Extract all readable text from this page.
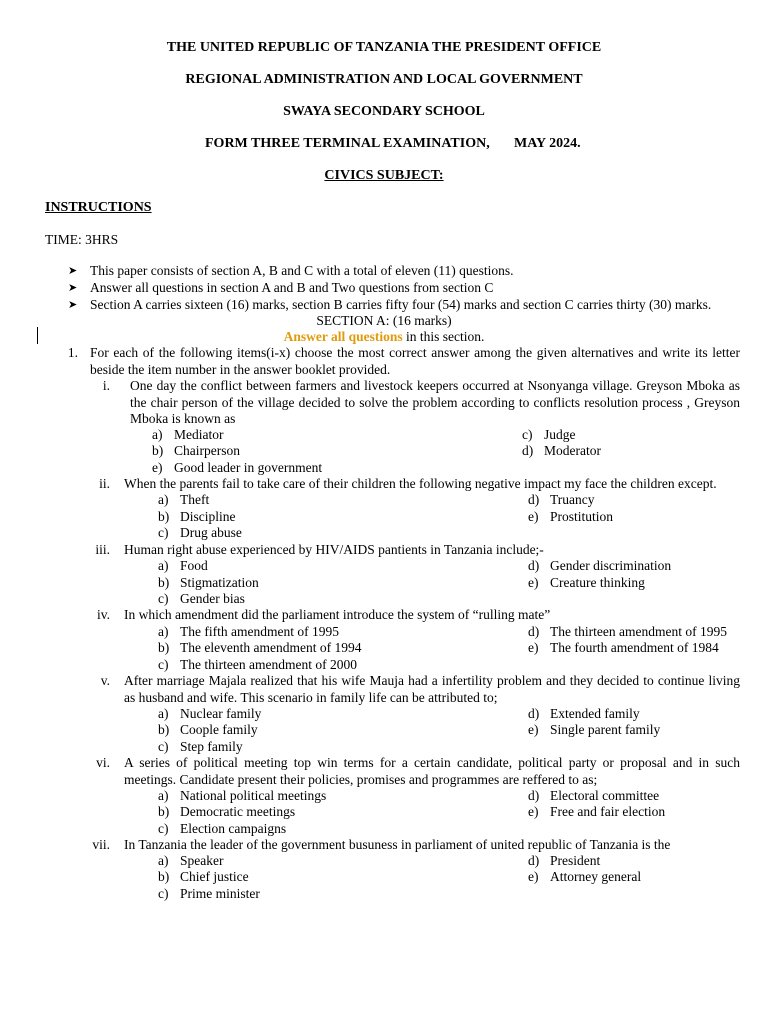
THE UNITED REPUBLIC OF TANZANIA THE PRESIDENT OFFICE
REGIONAL ADMINISTRATION AND LOCAL GOVERNMENT
SWAYA SECONDARY SCHOOL
FORM THREE TERMINAL EXAMINATION, MAY 2024.
CIVICS SUBJECT:
INSTRUCTIONS
TIME: 3HRS
➤ This paper consists of section A, B and C with a total of eleven (11) questions.
➤ Answer all questions in section A and B and Two questions from section C
➤ Section A carries sixteen (16) marks, section B carries fifty four (54) marks and section C carries thirty (30) marks.
SECTION A: (16 marks)
Answer all questions in this section.
1. For each of the following items(i-x) choose the most correct answer among the given alternatives and write its letter beside the item number in the answer booklet provided.
i. One day the conflict between farmers and livestock keepers occurred at Nsonyanga village. Greyson Mboka as the chair person of the village decided to solve the problem according to conflicts resolution process , Greyson Mboka is known as
a) Mediator
b) Chairperson
c) Judge
d) Moderator
e) Good leader in government
ii. When the parents fail to take care of their children the following negative impact my face the children except.
a) Theft
b) Discipline
c) Drug abuse
d) Truancy
e) Prostitution
iii. Human right abuse experienced by HIV/AIDS pantients in Tanzania include;-
a) Food
b) Stigmatization
c) Gender bias
d) Gender discrimination
e) Creature thinking
iv. In which amendment did the parliament introduce the system of “rulling mate”
a) The fifth amendment of 1995
b) The eleventh amendment of 1994
c) The thirteen amendment of 2000
d) The thirteen amendment of 1995
e) The fourth amendment of 1984
v. After marriage Majala realized that his wife Mauja had a infertility problem and they decided to continue living as husband and wife. This scenario in family life can be attributed to;
a) Nuclear family
b) Coople family
c) Step family
d) Extended family
e) Single parent family
vi. A series of political meeting top win terms for a certain candidate, political party or proposal and in such meetings. Candidate present their policies, promises and programmes are reffered to as;
a) National political meetings
b) Democratic meetings
c) Election campaigns
d) Electoral committee
e) Free and fair election
vii. In Tanzania the leader of the government busuness in parliament of united republic of Tanzania is the
a) Speaker
b) Chief justice
c) Prime minister
d) President
e) Attorney general
